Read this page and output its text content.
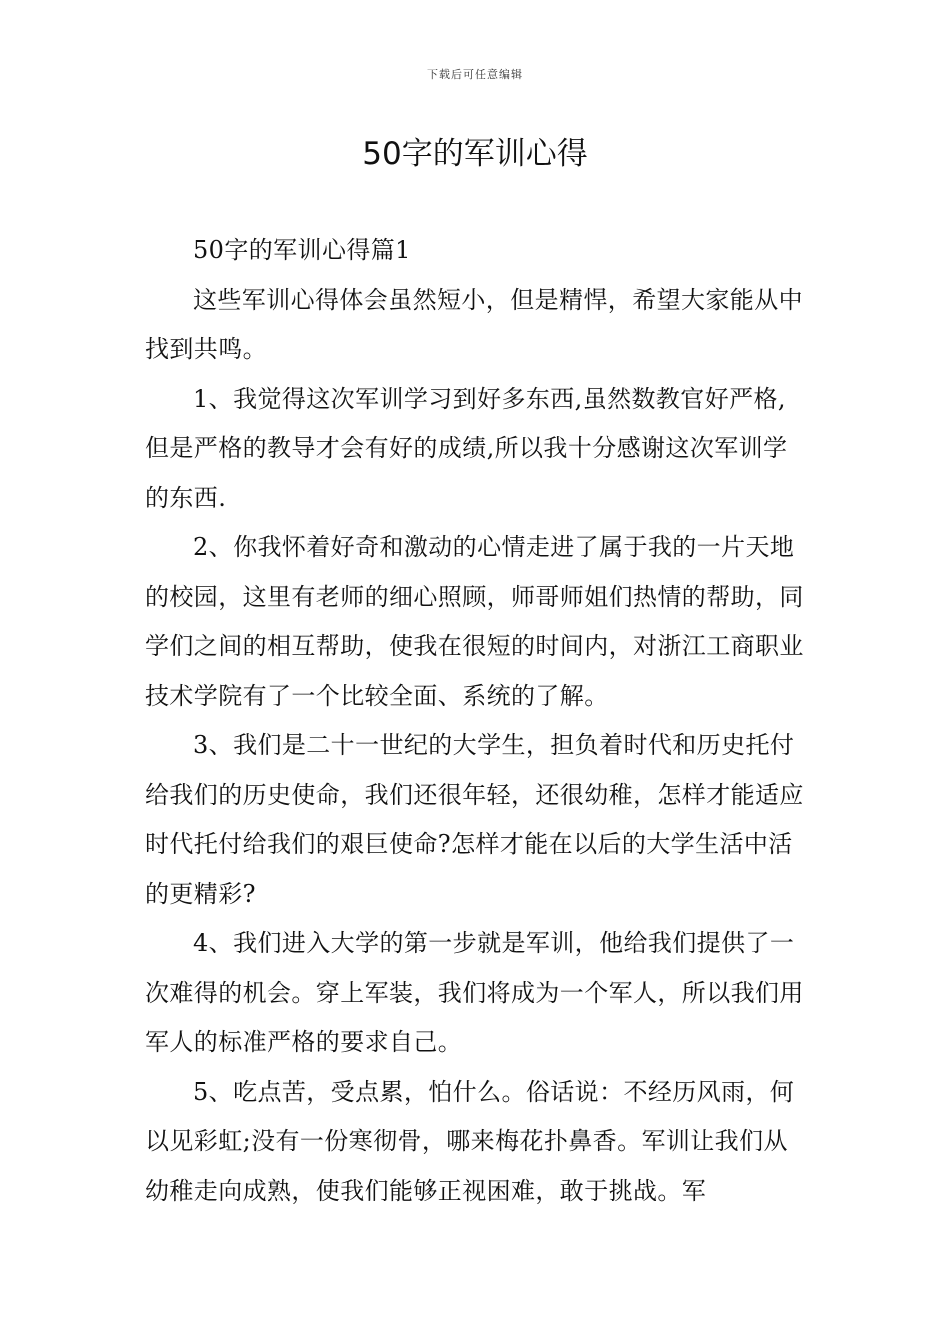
下载后可任意编辑
50字的军训心得
50字的军训心得篇1

这些军训心得体会虽然短小，但是精悍，希望大家能从中找到共鸣。

1、我觉得这次军训学习到好多东西,虽然数教官好严格,但是严格的教导才会有好的成绩,所以我十分感谢这次军训学的东西.

2、你我怀着好奇和激动的心情走进了属于我的一片天地的校园，这里有老师的细心照顾，师哥师姐们热情的帮助，同学们之间的相互帮助，使我在很短的时间内，对浙江工商职业技术学院有了一个比较全面、系统的了解。

3、我们是二十一世纪的大学生，担负着时代和历史托付给我们的历史使命，我们还很年轻，还很幼稚，怎样才能适应时代托付给我们的艰巨使命?怎样才能在以后的大学生活中活的更精彩?

4、我们进入大学的第一步就是军训，他给我们提供了一次难得的机会。穿上军装，我们将成为一个军人，所以我们用军人的标准严格的要求自己。

5、吃点苦，受点累，怕什么。俗话说：不经历风雨，何以见彩虹;没有一份寒彻骨，哪来梅花扑鼻香。军训让我们从幼稚走向成熟，使我们能够正视困难，敢于挑战。军
